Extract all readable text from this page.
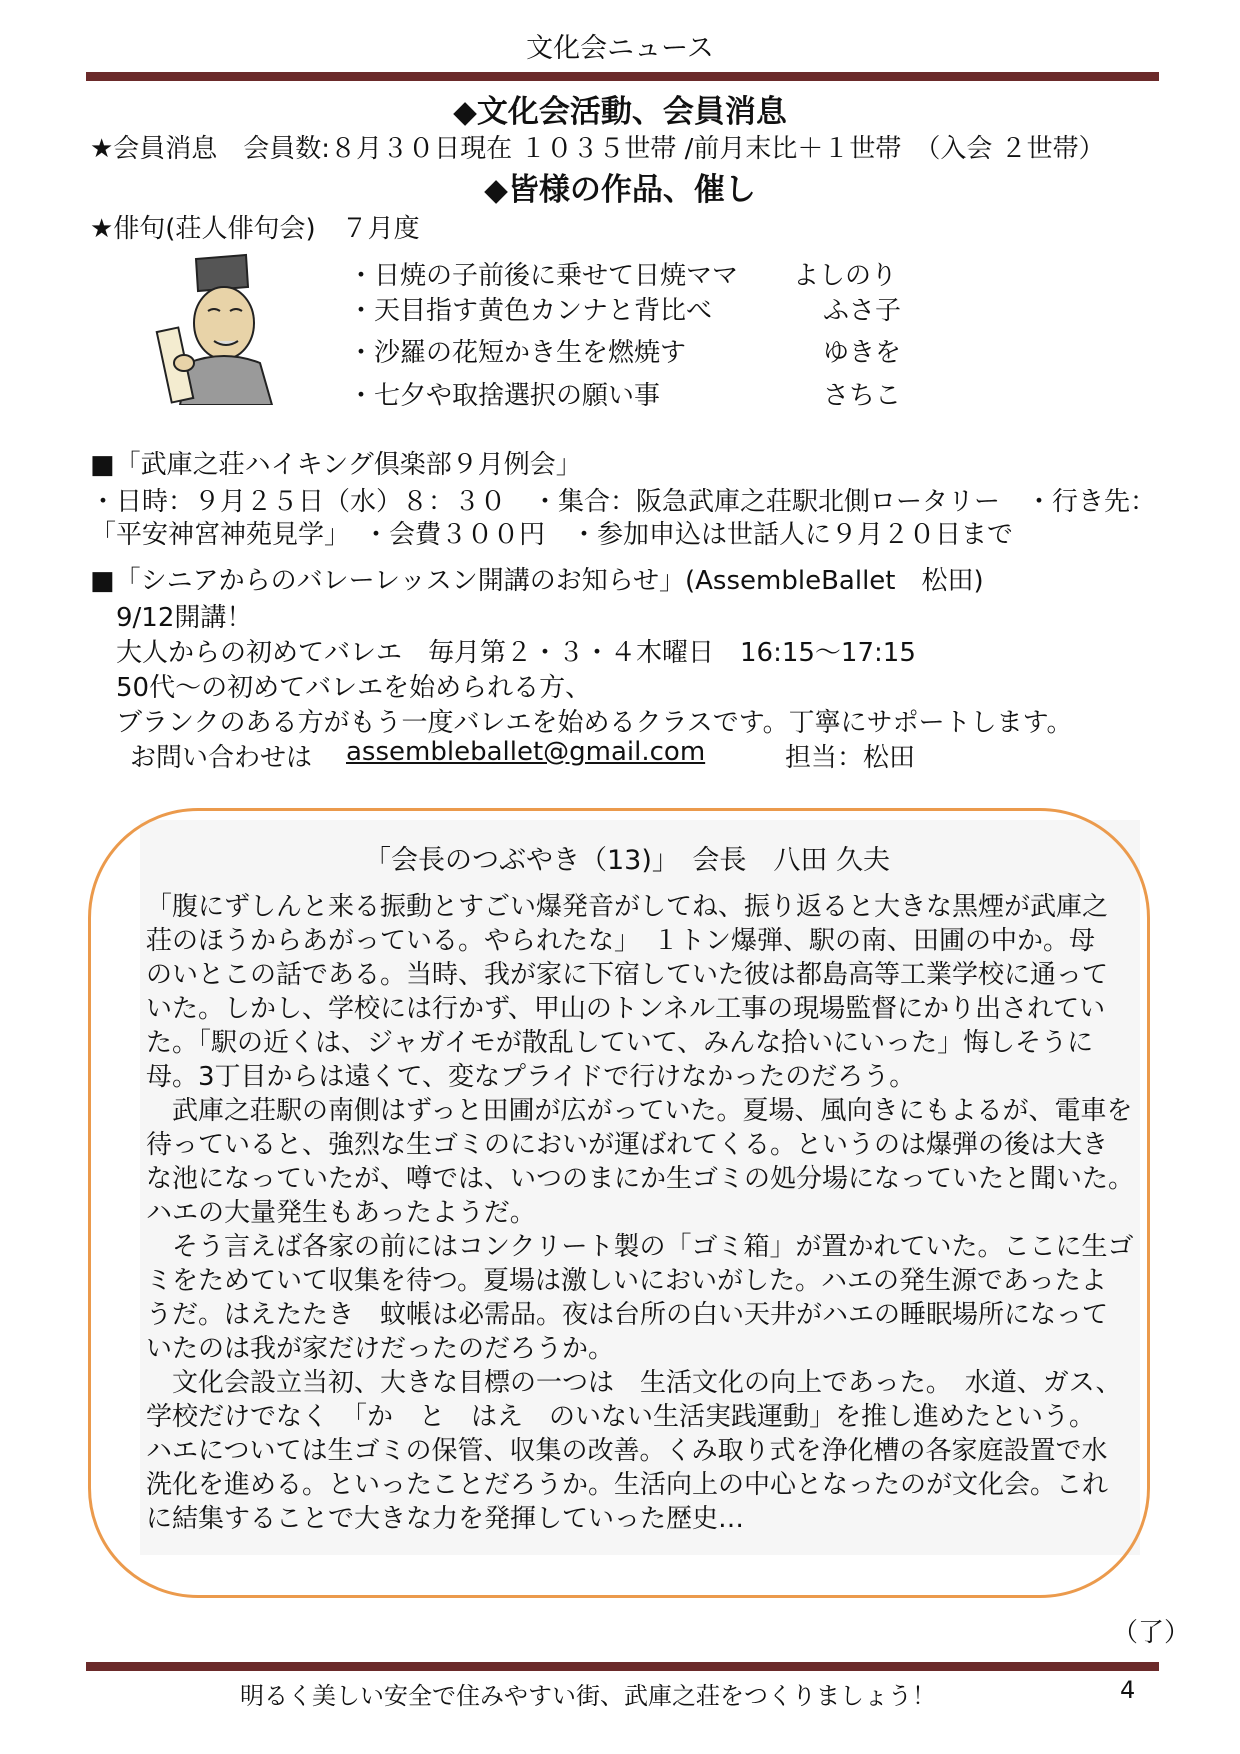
文化会ニュース
◆文化会活動、会員消息
★会員消息　会員数:８月３０日現在 １０３５世帯 /前月末比＋１世帯　（入会 ２世帯）
◆皆様の作品、催し
★俳句(荘人俳句会)　７月度
・日焼の子前後に乗せて日焼ママ よしのり
・天目指す黄色カンナと背比べ	ふさ子
・沙羅の花短かき生を燃焼す	ゆきを
・七夕や取捨選択の願い事	さちこ
■「武庫之荘ハイキング倶楽部９月例会」
・日時：９月２５日（水）８：３０　・集合：阪急武庫之荘駅北側ロータリー　・行き先：
「平安神宮神苑見学」　・会費３００円　・参加申込は世話人に９月２０日まで
■「シニアからのバレーレッスン開講のお知らせ」(AssembleBallet　松田)
9/12開講！
大人からの初めてバレエ　毎月第２・３・４木曜日　16:15～17:15
50代～の初めてバレエを始められる方、
ブランクのある方がもう一度バレエを始めるクラスです。丁寧にサポートします。
お問い合わせは assembleballet@gmail.com	担当：松田
「会長のつぶやき（13)」　会長　八田 久夫
「腹にずしんと来る振動とすごい爆発音がしてね、振り返ると大きな黒煙が武庫之
荘のほうからあがっている。やられたな」　１トン爆弾、駅の南、田圃の中か。母
のいとこの話である。当時、我が家に下宿していた彼は都島高等工業学校に通って
いた。しかし、学校には行かず、甲山のトンネル工事の現場監督にかり出されてい
た。「駅の近くは、ジャガイモが散乱していて、みんな拾いにいった」悔しそうに
母。3丁目からは遠くて、変なプライドで行けなかったのだろう。
　武庫之荘駅の南側はずっと田圃が広がっていた。夏場、風向きにもよるが、電車を
待っていると、強烈な生ゴミのにおいが運ばれてくる。というのは爆弾の後は大き
な池になっていたが、噂では、いつのまにか生ゴミの処分場になっていたと聞いた。
ハエの大量発生もあったようだ。
　そう言えば各家の前にはコンクリート製の「ゴミ箱」が置かれていた。ここに生ゴ
ミをためていて収集を待つ。夏場は激しいにおいがした。ハエの発生源であったよ
うだ。はえたたき　蚊帳は必需品。夜は台所の白い天井がハエの睡眠場所になって
いたのは我が家だけだったのだろうか。
　文化会設立当初、大きな目標の一つは　生活文化の向上であった。　水道、ガス、
学校だけでなく　「か　と　はえ　のいない生活実践運動」を推し進めたという。
ハエについては生ゴミの保管、収集の改善。くみ取り式を浄化槽の各家庭設置で水
洗化を進める。といったことだろうか。生活向上の中心となったのが文化会。これ
に結集することで大きな力を発揮していった歴史…
（了）
明るく美しい安全で住みやすい街、武庫之荘をつくりましょう！	4
